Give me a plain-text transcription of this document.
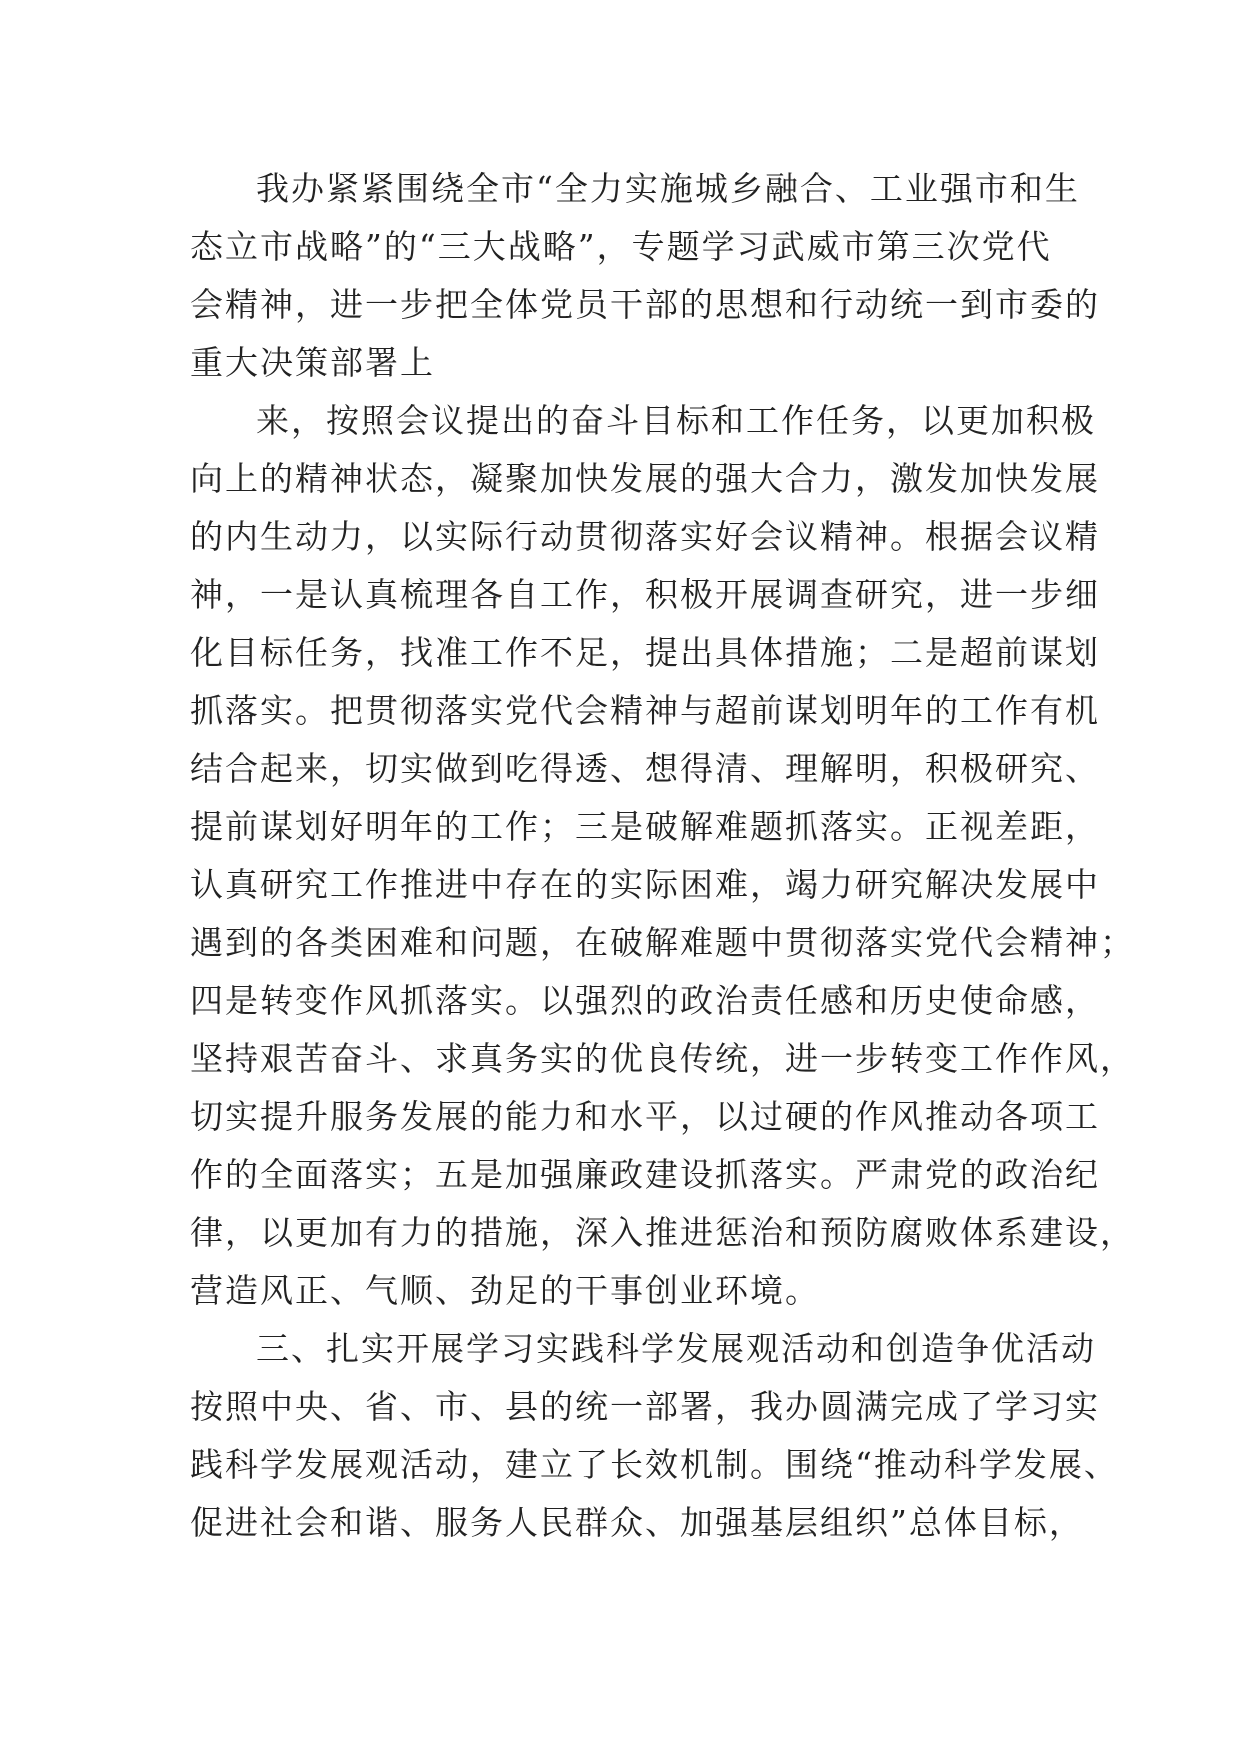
我办紧紧围绕全市“全力实施城乡融合、工业强市和生
态立市战略”的“三大战略”，专题学习武威市第三次党代
会精神，进一步把全体党员干部的思想和行动统一到市委的
重大决策部署上
来，按照会议提出的奋斗目标和工作任务，以更加积极
向上的精神状态，凝聚加快发展的强大合力，激发加快发展
的内生动力，以实际行动贯彻落实好会议精神。根据会议精
神，一是认真梳理各自工作，积极开展调查研究，进一步细
化目标任务，找准工作不足，提出具体措施；二是超前谋划
抓落实。把贯彻落实党代会精神与超前谋划明年的工作有机
结合起来，切实做到吃得透、想得清、理解明，积极研究、
提前谋划好明年的工作；三是破解难题抓落实。正视差距，
认真研究工作推进中存在的实际困难，竭力研究解决发展中
遇到的各类困难和问题，在破解难题中贯彻落实党代会精神；
四是转变作风抓落实。以强烈的政治责任感和历史使命感，
坚持艰苦奋斗、求真务实的优良传统，进一步转变工作作风，
切实提升服务发展的能力和水平，以过硬的作风推动各项工
作的全面落实；五是加强廉政建设抓落实。严肃党的政治纪
律，以更加有力的措施，深入推进惩治和预防腐败体系建设，
营造风正、气顺、劲足的干事创业环境。
三、扎实开展学习实践科学发展观活动和创造争优活动
按照中央、省、市、县的统一部署，我办圆满完成了学习实
践科学发展观活动，建立了长效机制。围绕“推动科学发展、
促进社会和谐、服务人民群众、加强基层组织”总体目标，
